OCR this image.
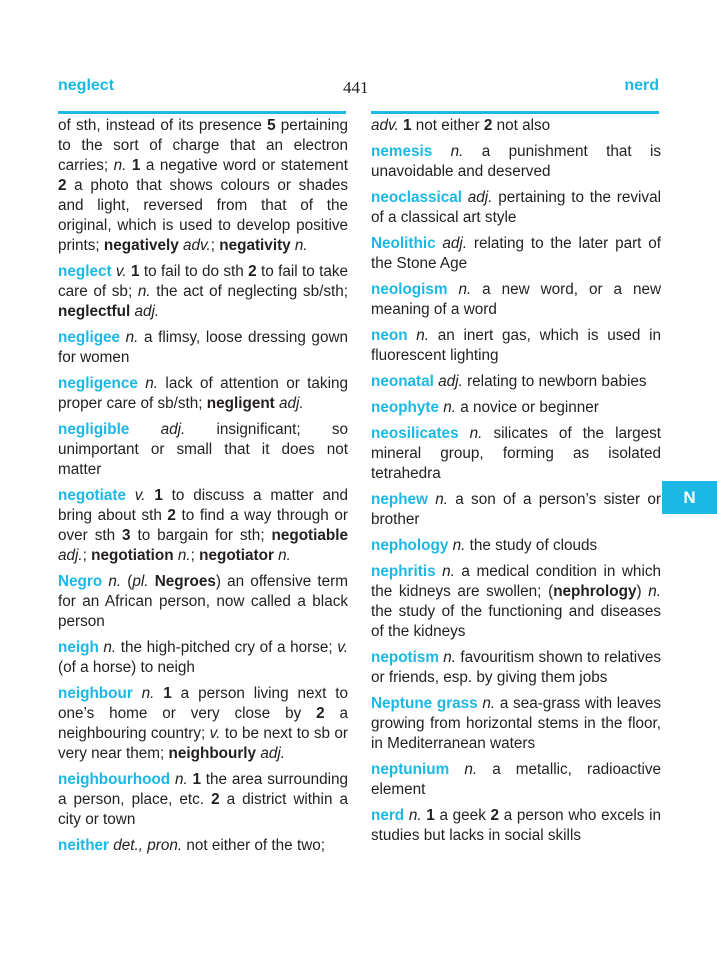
neglect	441	nerd

of sth, instead of its presence 5 pertaining to the sort of charge that an electron carries; n. 1 a negative word or statement 2 a photo that shows colours or shades and light, reversed from that of the original, which is used to develop positive prints; negatively adv.; negativity n.

neglect v. 1 to fail to do sth 2 to fail to take care of sb; n. the act of neglecting sb/sth; neglectful adj.

negligee n. a flimsy, loose dressing gown for women

negligence n. lack of attention or taking proper care of sb/sth; negligent adj.

negligible adj. insignificant; so unimportant or small that it does not matter

negotiate v. 1 to discuss a matter and bring about sth 2 to find a way through or over sth 3 to bargain for sth; negotiable adj.; negotiation n.; negotiator n.

Negro n. (pl. Negroes) an offensive term for an African person, now called a black person

neigh n. the high-pitched cry of a horse; v. (of a horse) to neigh

neighbour n. 1 a person living next to one’s home or very close by 2 a neighbouring country; v. to be next to sb or very near them; neighbourly adj.

neighbourhood n. 1 the area surrounding a person, place, etc. 2 a district within a city or town

neither det., pron. not either of the two;

adv. 1 not either 2 not also

nemesis n. a punishment that is unavoidable and deserved

neoclassical adj. pertaining to the revival of a classical art style

Neolithic adj. relating to the later part of the Stone Age

neologism n. a new word, or a new meaning of a word

neon n. an inert gas, which is used in fluorescent lighting

neonatal adj. relating to newborn babies

neophyte n. a novice or beginner

neosilicates n. silicates of the largest mineral group, forming as isolated tetrahedra

nephew n. a son of a person’s sister or brother

nephology n. the study of clouds

nephritis n. a medical condition in which the kidneys are swollen; (nephrology) n. the study of the functioning and diseases of the kidneys

nepotism n. favouritism shown to relatives or friends, esp. by giving them jobs

Neptune grass n. a sea-grass with leaves growing from horizontal stems in the floor, in Mediterranean waters

neptunium n. a metallic, radioactive element

nerd n. 1 a geek 2 a person who excels in studies but lacks in social skills

N
